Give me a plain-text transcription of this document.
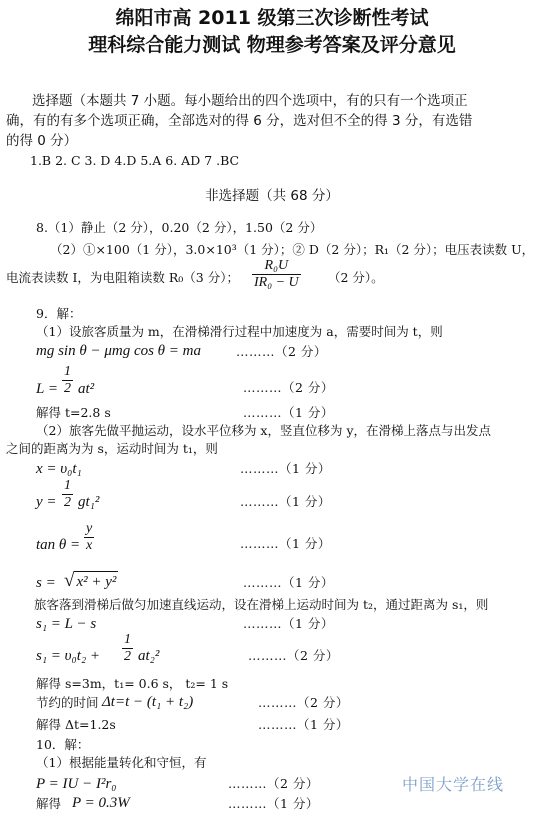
绵阳市高 2011 级第三次诊断性考试
理科综合能力测试 物理参考答案及评分意见
选择题（本题共 7 小题。每小题给出的四个选项中，有的只有一个选项正
确，有的有多个选项正确，全部选对的得 6 分，选对但不全的得 3 分，有选错
的得 0 分）
1.B 2. C 3. D 4.D 5.A 6. AD 7 .BC
非选择题（共 68 分）
8.（1）静止（2 分），0.20（2 分），1.50（2 分）
（2）①×100（1 分），3.0×10³（1 分）；② D（2 分）；R₁（2 分）；电压表读数 U，
电流表读数 I，为电阻箱读数 R₀（3 分）；
R₀U
IR₀ − U （2 分）。
9．解：
（1）设旅客质量为 m，在滑梯滑行过程中加速度为 a，需要时间为 t，则
mg sin θ − μmg cos θ = ma	………（2 分）
L =
1
2 at²	………（2 分）
解得 t=2.8 s	………（1 分）
（2）旅客先做平抛运动，设水平位移为 x，竖直位移为 y，在滑梯上落点与出发点
之间的距离为为 s，运动时间为 t₁，则
x = υ₀t₁	………（1 分）
y =
1
2 gt₁²	………（1 分）
tan θ =
y
x	………（1 分）
s = √ x² + y²	………（1 分）
旅客落到滑梯后做匀加速直线运动，设在滑梯上运动时间为 t₂，通过距离为 s₁，则
s₁ = L − s	………（1 分）
s₁ = υ₀t₂ +
1
2 at₂²	………（2 分）
解得 s=3m，t₁= 0.6 s， t₂= 1 s
节约的时间 Δt=t − (t₁ + t₂)	………（2 分）
解得 Δt=1.2s	………（1 分）
10．解：
（1）根据能量转化和守恒，有
P = IU − I²r₀	………（2 分）
解得 P = 0.3W	………（1 分）
中国大学在线
